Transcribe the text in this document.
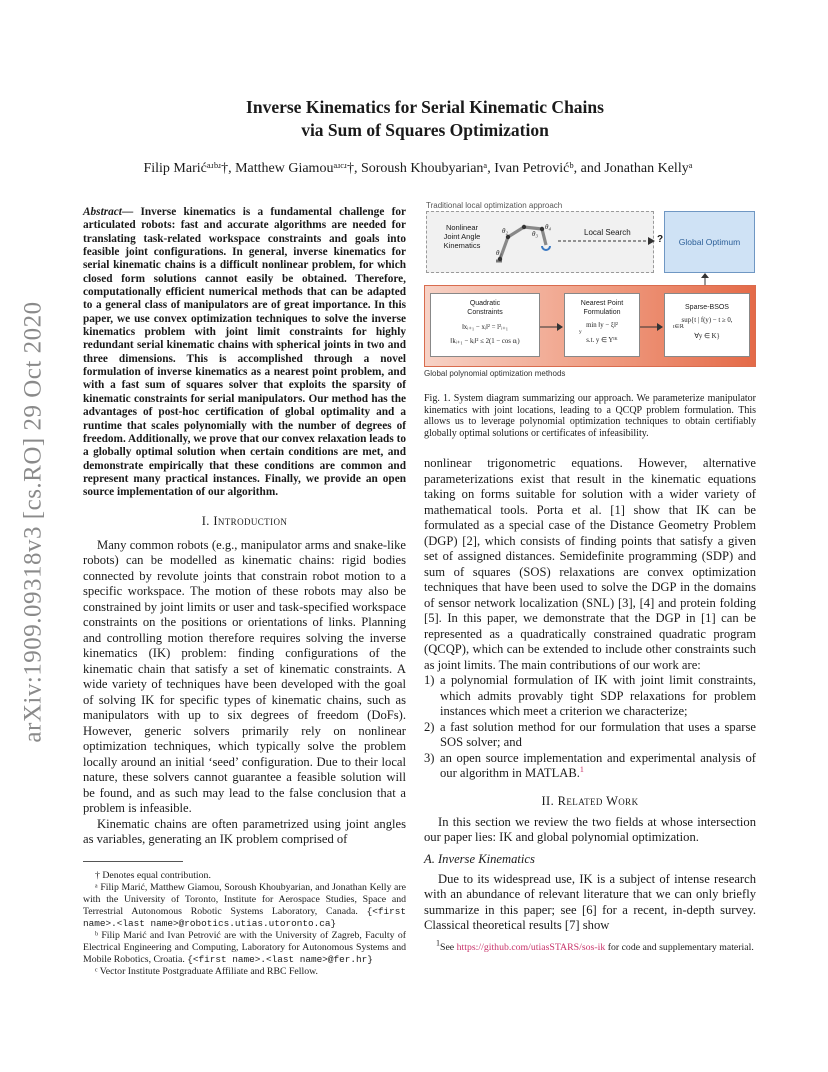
arXiv:1909.09318v3 [cs.RO] 29 Oct 2020
Inverse Kinematics for Serial Kinematic Chains
via Sum of Squares Optimization
Filip Marićᵃʴᵇʴ†, Matthew Giamouᵃʴᶜʴ†, Soroush Khoubyarianᵃ, Ivan Petrovićᵇ, and Jonathan Kellyᵃ
Abstract— Inverse kinematics is a fundamental challenge for articulated robots: fast and accurate algorithms are needed for translating task-related workspace constraints and goals into feasible joint configurations. In general, inverse kinematics for serial kinematic chains is a difficult nonlinear problem, for which closed form solutions cannot easily be obtained. Therefore, computationally efficient numerical methods that can be adapted to a general class of manipulators are of great importance. In this paper, we use convex optimization techniques to solve the inverse kinematics problem with joint limit constraints for highly redundant serial kinematic chains with spherical joints in two and three dimensions. This is accomplished through a novel formulation of inverse kinematics as a nearest point problem, and with a fast sum of squares solver that exploits the sparsity of kinematic constraints for serial manipulators. Our method has the advantages of post-hoc certification of global optimality and a runtime that scales polynomially with the number of degrees of freedom. Additionally, we prove that our convex relaxation leads to a globally optimal solution when certain conditions are met, and demonstrate empirically that these conditions are common and represent many practical instances. Finally, we provide an open source implementation of our algorithm.
I. Introduction

Many common robots (e.g., manipulator arms and snake-like robots) can be modelled as kinematic chains: rigid bodies connected by revolute joints that constrain robot motion to a specific workspace. The motion of these robots may also be constrained by joint limits or user and task-specified workspace constraints on the positions or orientations of links. Planning and controlling motion therefore requires solving the inverse kinematics (IK) problem: finding configurations of the kinematic chain that satisfy a set of kinematic constraints. A wide variety of techniques have been developed with the goal of solving IK for specific types of kinematic chains, such as manipulators with up to six degrees of freedom (DoFs). However, generic solvers primarily rely on nonlinear optimization techniques, which typically solve the problem locally around an initial ‘seed’ configuration. Due to their local nature, these solvers cannot guarantee a feasible solution will be found, and as such may lead to the false conclusion that a problem is infeasible.

Kinematic chains are often parametrized using joint angles as variables, generating an IK problem comprised of

† Denotes equal contribution.

ᵃ Filip Marić, Matthew Giamou, Soroush Khoubyarian, and Jonathan Kelly are with the University of Toronto, Institute for Aerospace Studies, Space and Terrestrial Autonomous Robotic Systems Laboratory, Canada. {<first name>.<last name>@robotics.utias.utoronto.ca}

ᵇ Filip Marić and Ivan Petrović are with the University of Zagreb, Faculty of Electrical Engineering and Computing, Laboratory for Autonomous Systems and Mobile Robotics, Croatia. {<first name>.<last name>@fer.hr}

ᶜ Vector Institute Postgraduate Affiliate and RBC Fellow.

Traditional local optimization approach
Nonlinear
Joint Angle
Kinematics
θ₁
θ₂	θ₃
θ₄
Local Search
?	Global Optimum
Quadratic
Constraints
‖xᵢ₊₁ − xᵢ‖² = l²ᵢ₊₁
‖kᵢ₊₁ − kᵢ‖² ≤ 2(1 − cos αᵢ)
Nearest Point
Formulation
min ‖y − ξ‖²
y
s.t. y ∈ Yᴵᴷ
Sparse-BSOS
sup{t | f(y) − t ≥ 0,
t∈ℝ
∀y ∈ K}
Global polynomial optimization methods
Fig. 1. System diagram summarizing our approach. We parameterize manipulator kinematics with joint locations, leading to a QCQP problem formulation. This allows us to leverage polynomial optimization techniques to obtain certifiably globally optimal solutions or certificates of infeasibility.

nonlinear trigonometric equations. However, alternative parameterizations exist that result in the kinematic equations taking on forms suitable for solution with a wider variety of mathematical tools. Porta et al. [1] show that IK can be formulated as a special case of the Distance Geometry Problem (DGP) [2], which consists of finding points that satisfy a given set of assigned distances. Semidefinite programming (SDP) and sum of squares (SOS) relaxations are convex optimization techniques that have been used to solve the DGP in the domains of sensor network localization (SNL) [3], [4] and protein folding [5]. In this paper, we demonstrate that the DGP in [1] can be represented as a quadratically constrained quadratic program (QCQP), which can be extended to include other constraints such as joint limits. The main contributions of our work are:

1) a polynomial formulation of IK with joint limit constraints, which admits provably tight SDP relaxations for problem instances which meet a criterion we characterize;
2) a fast solution method for our formulation that uses a sparse SOS solver; and
3) an open source implementation and experimental analysis of our algorithm in MATLAB.$^1$
II. Related Work

In this section we review the two fields at whose intersection our paper lies: IK and global polynomial optimization.

A. Inverse Kinematics

Due to its widespread use, IK is a subject of intense research with an abundance of relevant literature that we can only briefly summarize in this paper; see [6] for a recent, in-depth survey. Classical theoretical results [7] show

$^1$See https://github.com/utiasSTARS/sos-ik for code and supplementary material.
